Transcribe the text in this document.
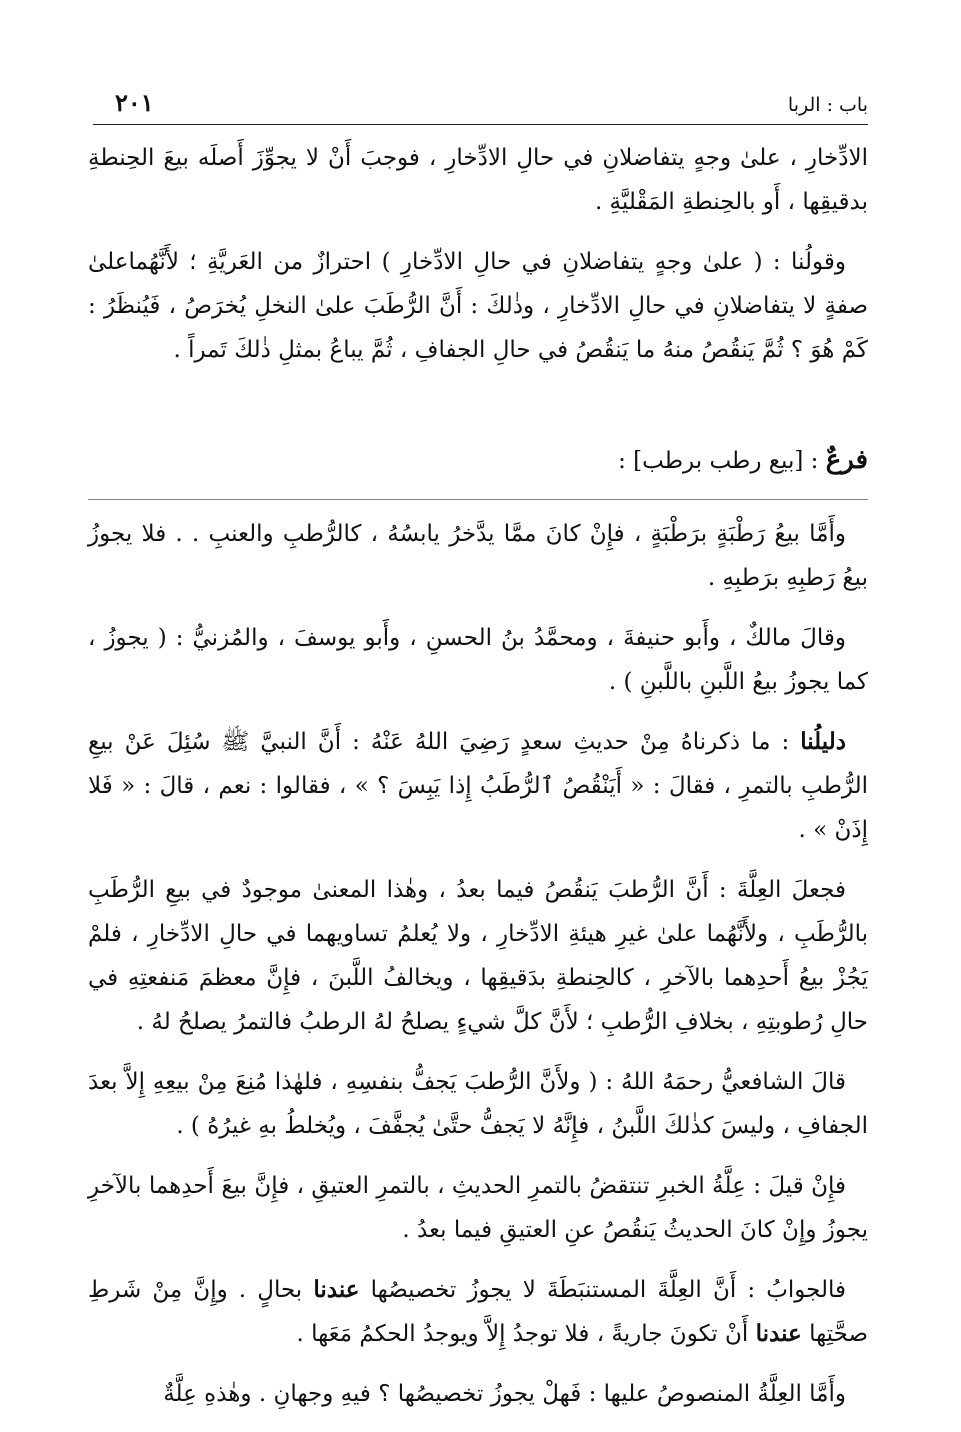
باب : الربا
٢٠١

الادِّخارِ ، علىٰ وجهٍ يتفاضلانِ في حالِ الادِّخارِ ، فوجبَ أَنْ لا يجوِّزَ أَصلَه بيعَ الحِنطةِ بدقيقِها ، أَو بالحِنطةِ المَقْليَّةِ .

وقولُنا : ( علىٰ وجهٍ يتفاضلانِ في حالِ الادِّخارِ ) احترازٌ من العَريَّةِ ؛ لأَنَّهُماعلىٰ صفةٍ لا يتفاضلانِ في حالِ الادِّخارِ ، وذٰلكَ : أَنَّ الرُّطَبَ علىٰ النخلِ يُخرَصُ ، فَيُنظَرُ : كَمْ هُوَ ؟ ثُمَّ يَنقُصُ منهُ ما يَنقُصُ في حالِ الجفافِ ، ثُمَّ يباعُ بمثلِ ذٰلكَ تَمراً .

فرعٌ : [بيع رطب برطب] :

وأَمَّا بيعُ رَطْبَةٍ برَطْبَةٍ ، فإِنْ كانَ ممَّا يدَّخرُ يابسُهُ ، كالرُّطبِ والعنبِ . . فلا يجوزُ بيعُ رَطبِهِ برَطبِهِ .

وقالَ مالكٌ ، وأَبو حنيفةَ ، ومحمَّدُ بنُ الحسنِ ، وأَبو يوسفَ ، والمُزنيُّ : ( يجوزُ ، كما يجوزُ بيعُ اللَّبنِ باللَّبنِ ) .

دليلُنا : ما ذكرناهُ مِنْ حديثِ سعدٍ رَضِيَ اللهُ عَنْهُ : أَنَّ النبيَّ ﷺ سُئِلَ عَنْ بيعِ الرُّطبِ بالتمرِ ، فقالَ : « أَيَنْقُصُ ٱلرُّطَبُ إِذا يَبِسَ ؟ » ، فقالوا : نعم ، قالَ : « فَلا إِذَنْ » .

فجعلَ العِلَّةَ : أَنَّ الرُّطبَ يَنقُصُ فيما بعدُ ، وهٰذا المعنىٰ موجودٌ في بيعِ الرُّطَبِ بالرُّطَبِ ، ولأَنَّهُما علىٰ غيرِ هيئةِ الادِّخارِ ، ولا يُعلمُ تساويهما في حالِ الادِّخارِ ، فلمْ يَجُزْ بيعُ أَحدِهما بالآخرِ ، كالحِنطةِ بدَقيقِها ، ويخالفُ اللَّبنَ ، فإِنَّ معظمَ مَنفعتِهِ في حالِ رُطوبتِهِ ، بخلافِ الرُّطبِ ؛ لأَنَّ كلَّ شيءٍ يصلحُ لهُ الرطبُ فالتمرُ يصلحُ لهُ .

قالَ الشافعيُّ رحمَهُ اللهُ : ( ولأَنَّ الرُّطبَ يَجفُّ بنفسِهِ ، فلهٰذا مُنِعَ مِنْ بيعِهِ إِلاَّ بعدَ الجفافِ ، وليسَ كذٰلكَ اللَّبنُ ، فإِنَّهُ لا يَجفُّ حتَّىٰ يُجفَّفَ ، ويُخلطُ بهِ غيرُهُ ) .

فإِنْ قيلَ : عِلَّةُ الخبرِ تنتقضُ بالتمرِ الحديثِ ، بالتمرِ العتيقِ ، فإِنَّ بيعَ أَحدِهما بالآخرِ يجوزُ وإِنْ كانَ الحديثُ يَنقُصُ عنِ العتيقِ فيما بعدُ .

فالجوابُ : أَنَّ العِلَّةَ المستنبَطَةَ لا يجوزُ تخصيصُها عندنا بحالٍ . وإِنَّ مِنْ شَرطِ صحَّتِها عندنا أَنْ تكونَ جاريةً ، فلا توجدُ إِلاَّ ويوجدُ الحكمُ مَعَها .

وأَمَّا العِلَّةُ المنصوصُ عليها : فَهلْ يجوزُ تخصيصُها ؟ فيهِ وجهانِ . وهٰذهِ عِلَّةٌ
